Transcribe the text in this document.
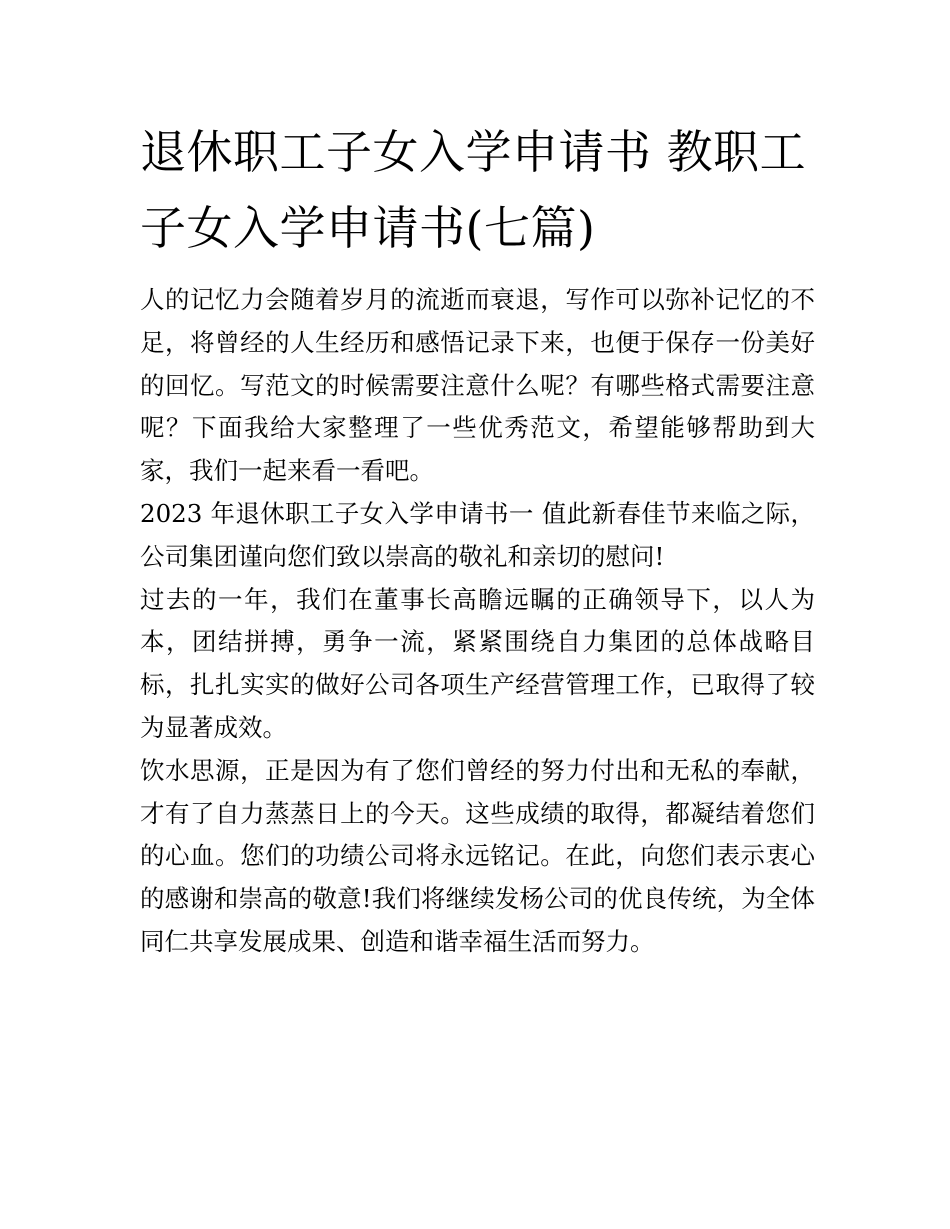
退休职工子女入学申请书 教职工子女入学申请书(七篇)

人的记忆力会随着岁月的流逝而衰退，写作可以弥补记忆的不足，将曾经的人生经历和感悟记录下来，也便于保存一份美好的回忆。写范文的时候需要注意什么呢？有哪些格式需要注意呢？下面我给大家整理了一些优秀范文，希望能够帮助到大家，我们一起来看一看吧。

2023 年退休职工子女入学申请书一 值此新春佳节来临之际，公司集团谨向您们致以崇高的敬礼和亲切的慰问!

过去的一年，我们在董事长高瞻远瞩的正确领导下，以人为本，团结拼搏，勇争一流，紧紧围绕自力集团的总体战略目标，扎扎实实的做好公司各项生产经营管理工作，已取得了较为显著成效。

饮水思源，正是因为有了您们曾经的努力付出和无私的奉献，才有了自力蒸蒸日上的今天。这些成绩的取得，都凝结着您们的心血。您们的功绩公司将永远铭记。在此，向您们表示衷心的感谢和崇高的敬意!我们将继续发杨公司的优良传统，为全体同仁共享发展成果、创造和谐幸福生活而努力。
